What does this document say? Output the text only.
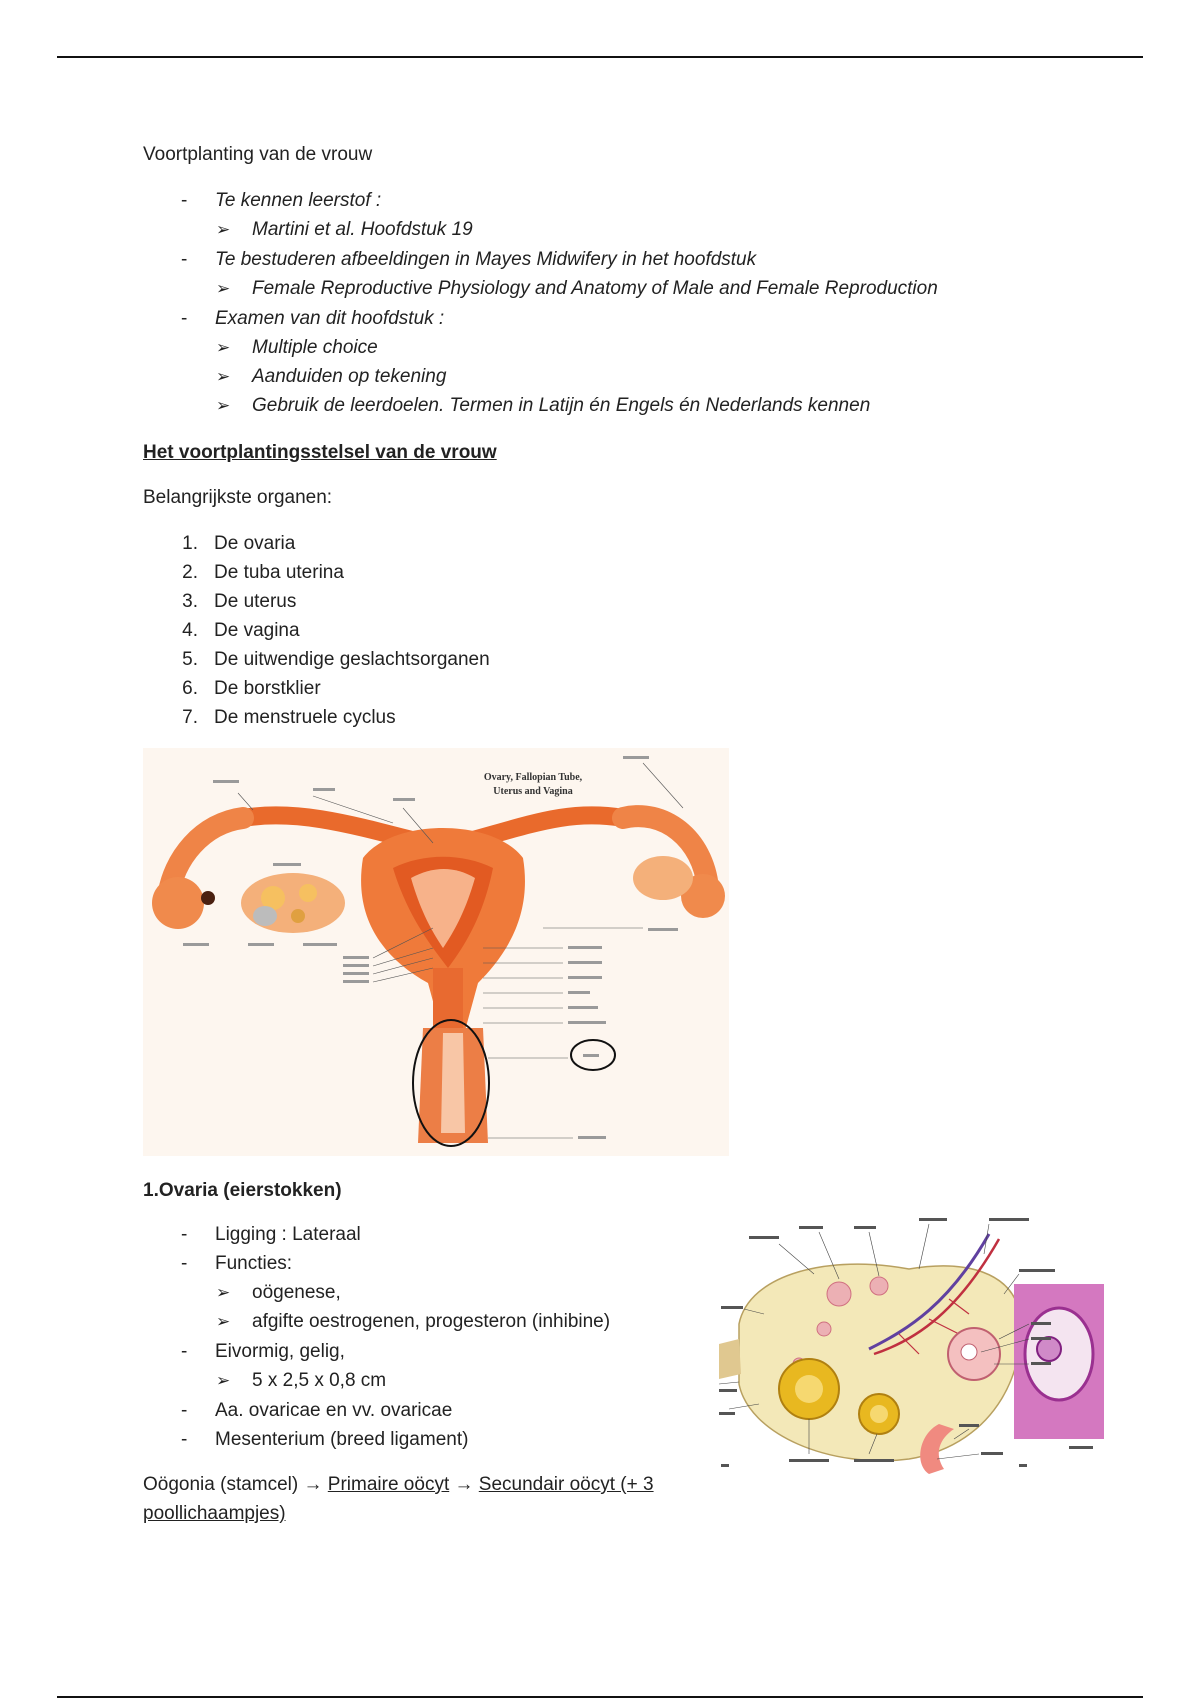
Voortplanting van de vrouw
-	Te kennen leerstof :
➢	Martini et al. Hoofdstuk 19
-	Te bestuderen afbeeldingen in Mayes Midwifery in het hoofdstuk
➢	Female Reproductive Physiology and Anatomy of Male and Female Reproduction
-	Examen van dit hoofdstuk :
➢	Multiple choice
➢	Aanduiden op tekening
➢	Gebruik de leerdoelen. Termen in Latijn én Engels én Nederlands kennen
Het voortplantingsstelsel van de vrouw
Belangrijkste organen:
1. De ovaria
2. De tuba uterina
3. De uterus
4. De vagina
5. De uitwendige geslachtsorganen
6. De borstklier
7. De menstruele cyclus
Ovary, Fallopian Tube,
Uterus and Vagina
1.Ovaria (eierstokken)
-	Ligging : Lateraal
-	Functies:
➢	oögenese,
➢	afgifte oestrogenen, progesteron (inhibine)
-	Eivormig, gelig,
➢	5 x 2,5 x 0,8 cm
-	Aa. ovaricae en vv. ovaricae
-	Mesenterium (breed ligament)
Oögonia (stamcel) → Primaire oöcyt → Secundair oöcyt (+ 3
poollichaampjes)
